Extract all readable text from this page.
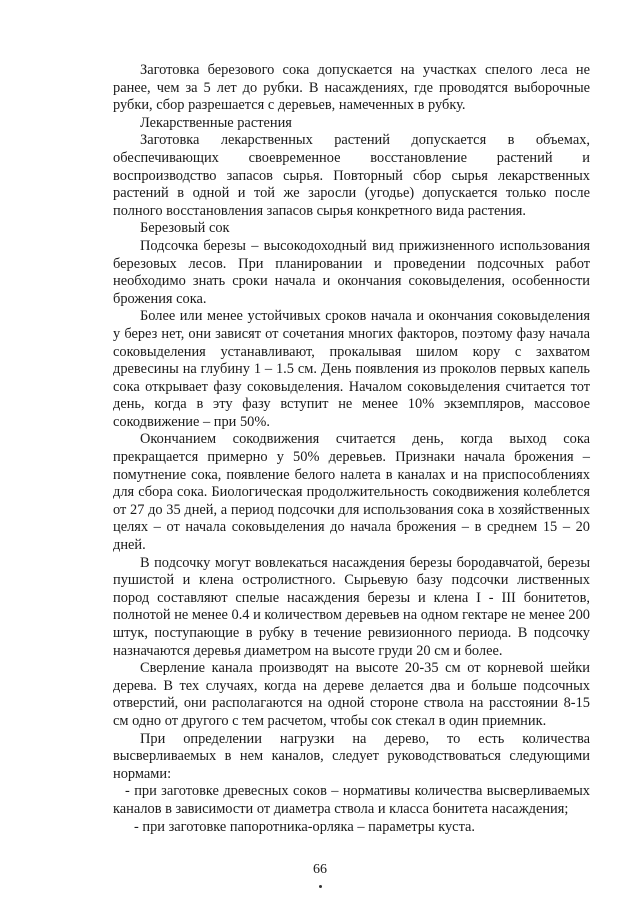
Заготовка березового сока допускается на участках спелого леса не ранее, чем за 5 лет до рубки. В насаждениях, где проводятся выборочные рубки, сбор разрешается с деревьев, намеченных в рубку.

Лекарственные растения

Заготовка лекарственных растений допускается в объемах, обеспечивающих своевременное восстановление растений и воспроизводство запасов сырья. Повторный сбор сырья лекарственных растений в одной и той же заросли (угодье) допускается только после полного восстановления запасов сырья конкретного вида растения.

Березовый сок

Подсочка березы – высокодоходный вид прижизненного использования березовых лесов. При планировании и проведении подсочных работ необходимо знать сроки начала и окончания соковыделения, особенности брожения сока.

Более или менее устойчивых сроков начала и окончания соковыделения у берез нет, они зависят от сочетания многих факторов, поэтому фазу начала соковыделения устанавливают, прокалывая шилом кору с захватом древесины на глубину 1 – 1.5 см. День появления из проколов первых капель сока открывает фазу соковыделения. Началом соковыделения считается тот день, когда в эту фазу вступит не менее 10% экземпляров, массовое сокодвижение – при 50%.

Окончанием сокодвижения считается день, когда выход сока прекращается примерно у 50% деревьев. Признаки начала брожения – помутнение сока, появление белого налета в каналах и на приспособлениях для сбора сока. Биологическая продолжительность сокодвижения колеблется от 27 до 35 дней, а период подсочки для использования сока в хозяйственных целях – от начала соковыделения до начала брожения – в среднем 15 – 20 дней.

В подсочку могут вовлекаться насаждения березы бородавчатой, березы пушистой и клена остролистного. Сырьевую базу подсочки лиственных пород составляют спелые насаждения березы и клена I - III бонитетов, полнотой не менее 0.4 и количеством деревьев на одном гектаре не менее 200 штук, поступающие в рубку в течение ревизионного периода. В подсочку назначаются деревья диаметром на высоте груди 20 см и более.

Сверление канала производят на высоте 20-35 см от корневой шейки дерева. В тех случаях, когда на дереве делается два и больше подсочных отверстий, они располагаются на одной стороне ствола на расстоянии 8-15 см одно от другого с тем расчетом, чтобы сок стекал в один приемник.

При определении нагрузки на дерево, то есть количества высверливаемых в нем каналов, следует руководствоваться следующими нормами:

- при заготовке древесных соков – нормативы количества высверливаемых каналов в зависимости от диаметра ствола и класса бонитета насаждения;

- при заготовке папоротника-орляка – параметры куста.

66
